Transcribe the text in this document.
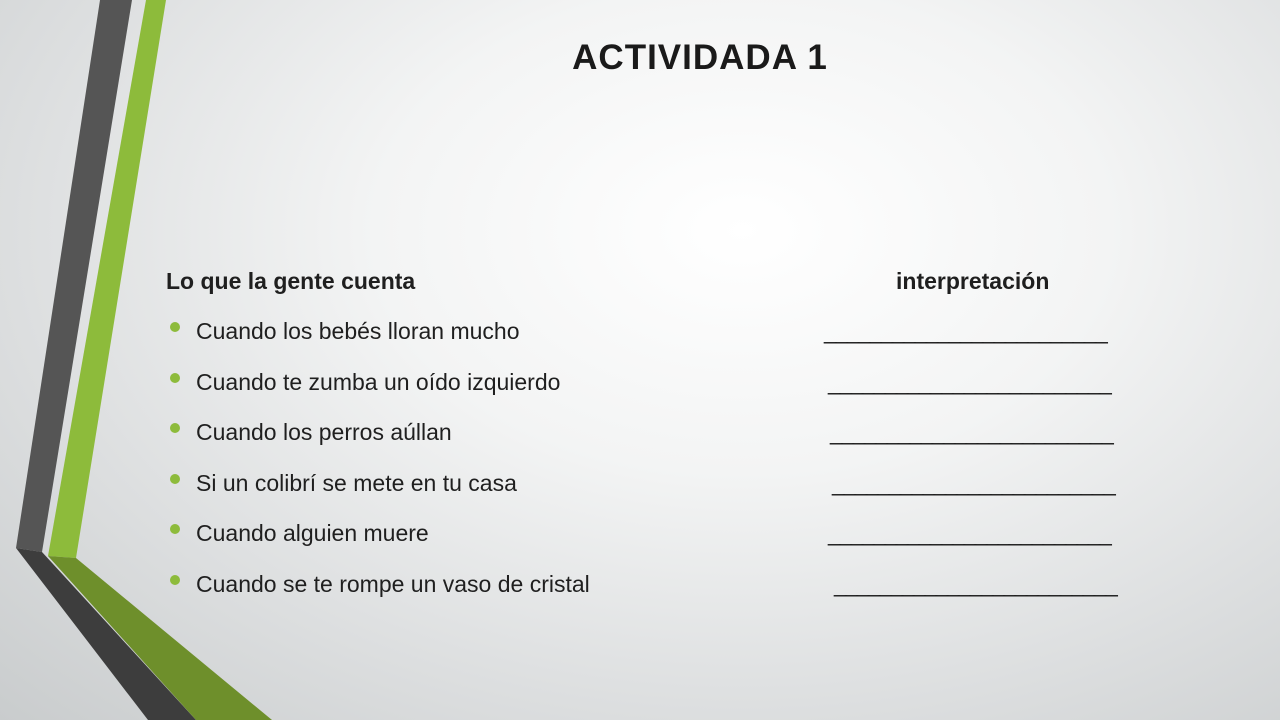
ACTIVIDADA 1
Lo que la gente cuenta	interpretación
Cuando los bebés lloran mucho	_________________________
Cuando te zumba un oído izquierdo	_________________________
Cuando los perros aúllan	_________________________
Si un colibrí se mete en tu casa	_________________________
Cuando alguien muere	_________________________
Cuando se te rompe un vaso de cristal	_________________________
